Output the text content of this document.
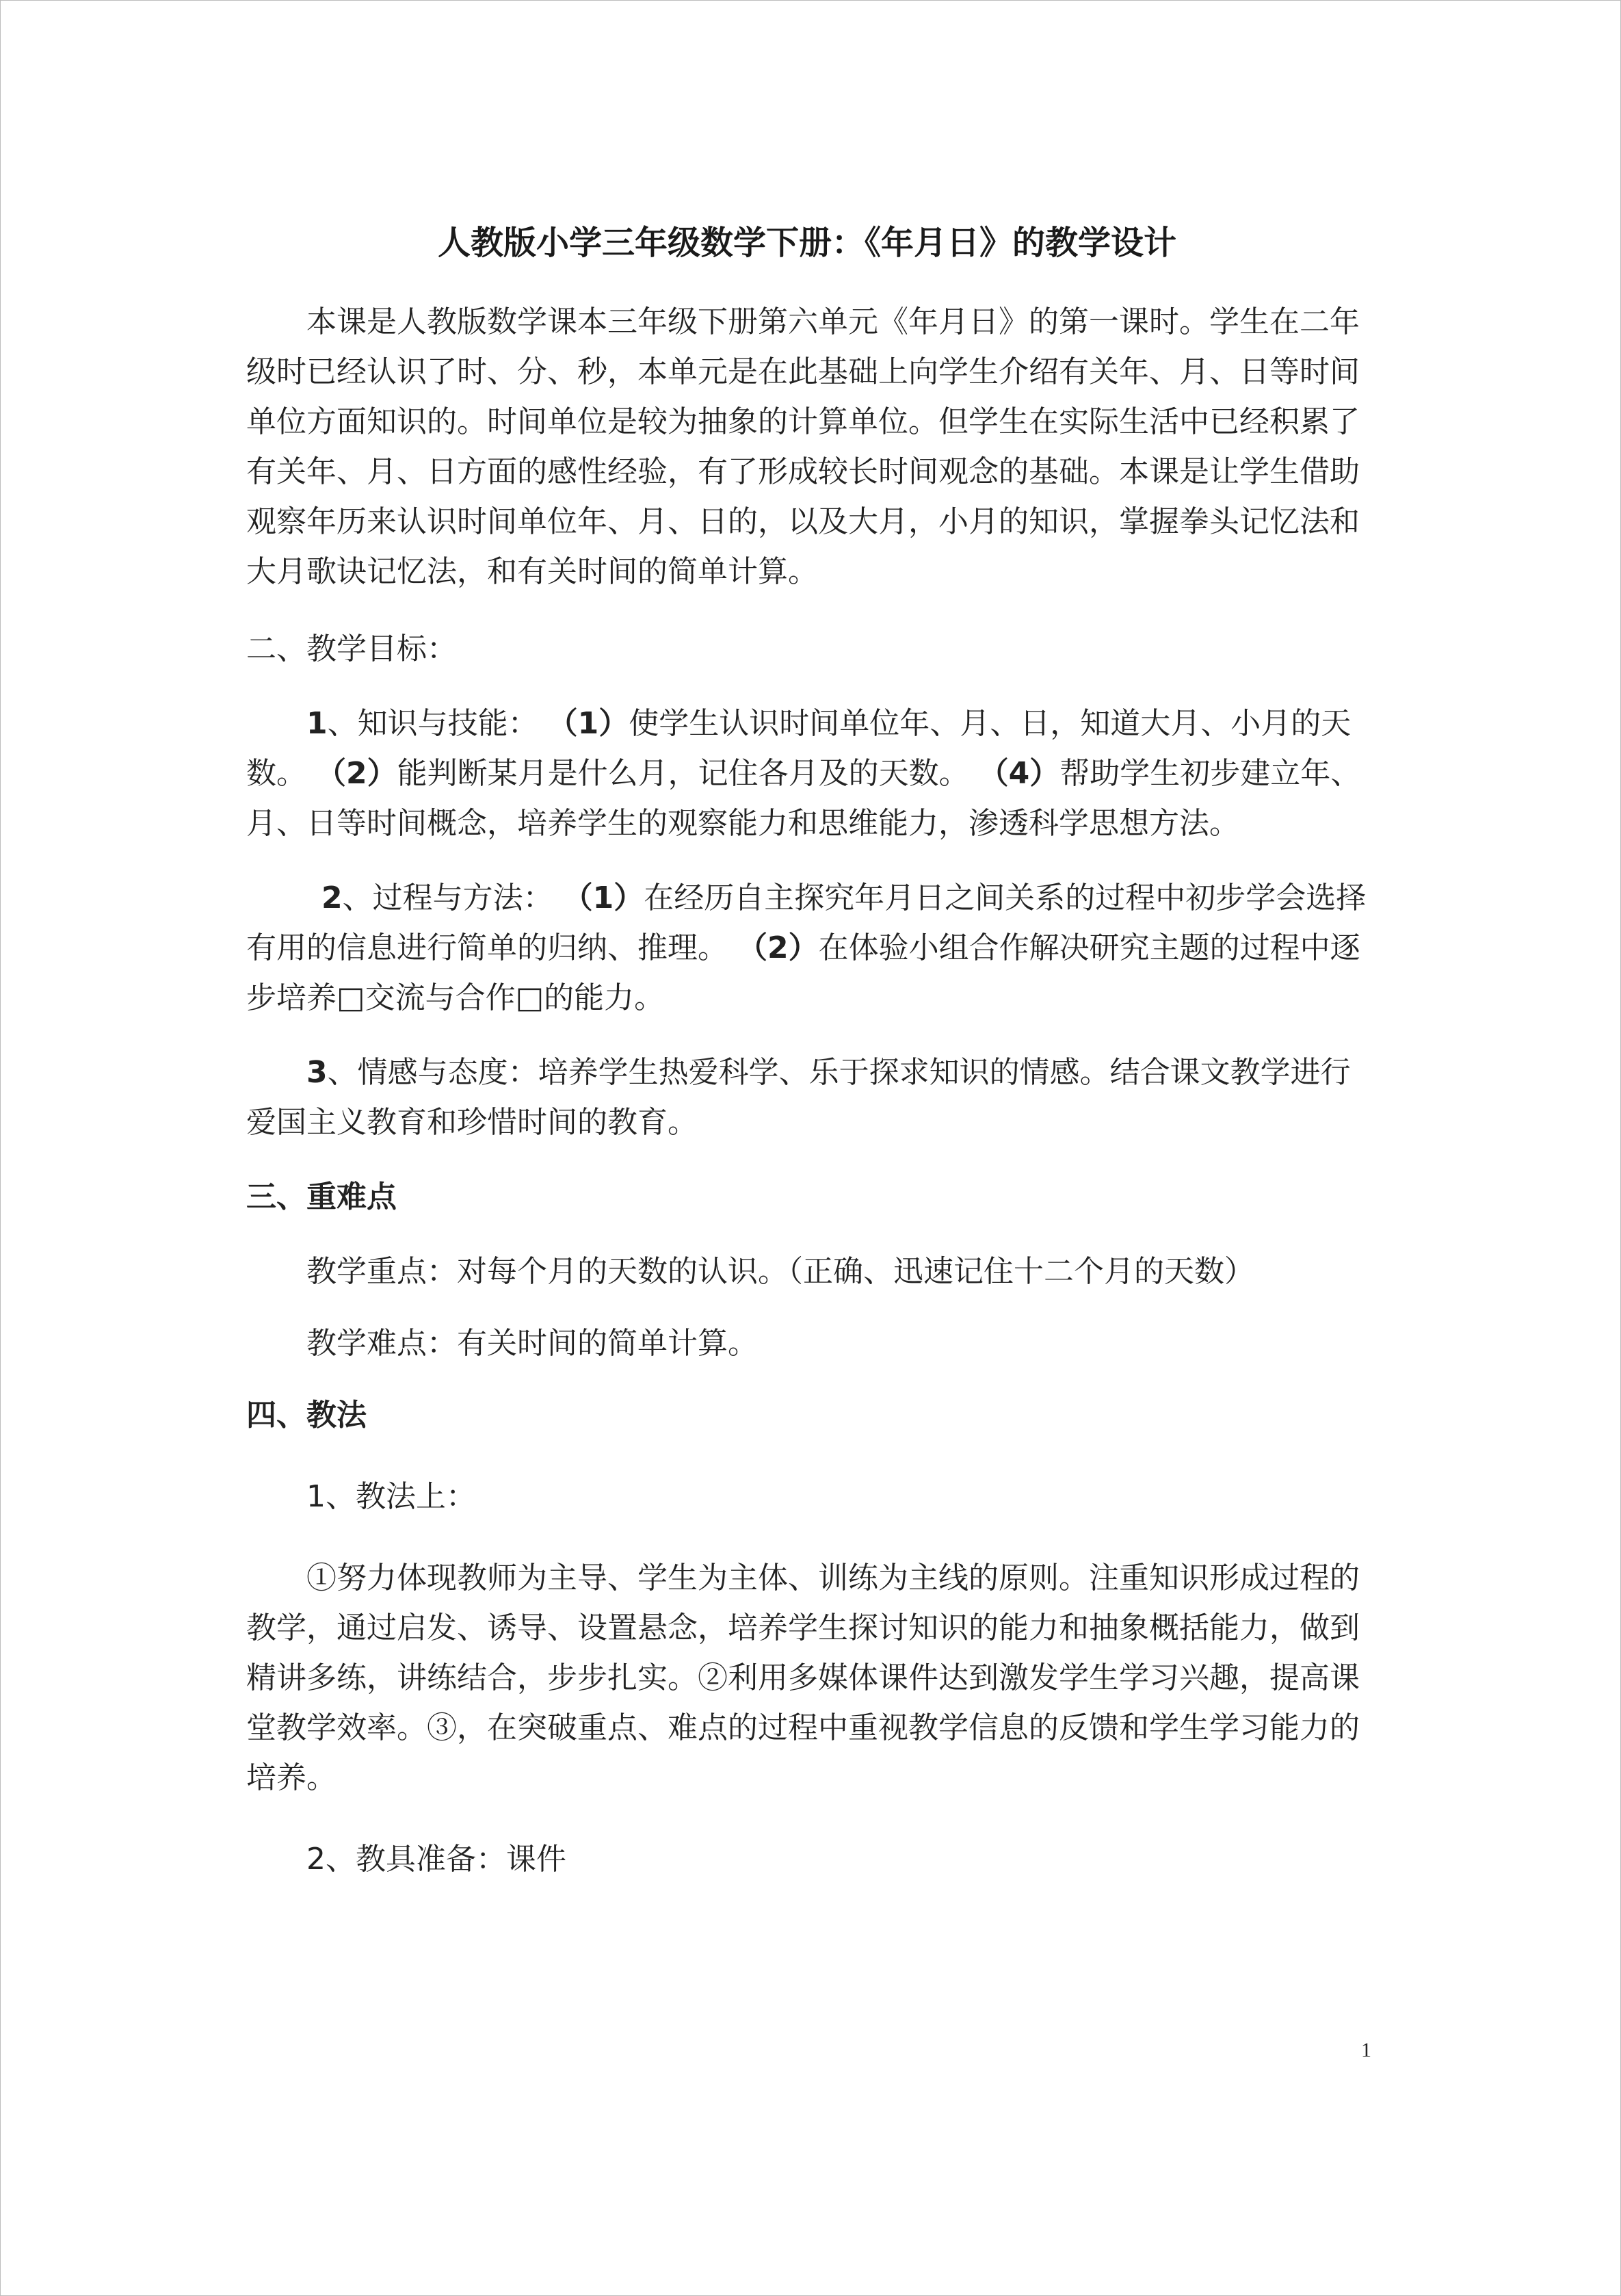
人教版小学三年级数学下册：《年月日》的教学设计

本课是人教版数学课本三年级下册第六单元《年月日》的第一课时。学生在二年级时已经认识了时、分、秒，本单元是在此基础上向学生介绍有关年、月、日等时间单位方面知识的。时间单位是较为抽象的计算单位。但学生在实际生活中已经积累了有关年、月、日方面的感性经验，有了形成较长时间观念的基础。本课是让学生借助观察年历来认识时间单位年、月、日的，以及大月，小月的知识，掌握拳头记忆法和大月歌诀记忆法，和有关时间的简单计算。

二、教学目标：

1、知识与技能： （1）使学生认识时间单位年、月、日，知道大月、小月的天数。 （2）能判断某月是什么月，记住各月及的天数。 （4）帮助学生初步建立年、月、日等时间概念，培养学生的观察能力和思维能力，渗透科学思想方法。

2、过程与方法： （1）在经历自主探究年月日之间关系的过程中初步学会选择有用的信息进行简单的归纳、推理。 （2）在体验小组合作解决研究主题的过程中逐步培养□交流与合作□的能力。

3、情感与态度：培养学生热爱科学、乐于探求知识的情感。结合课文教学进行爱国主义教育和珍惜时间的教育。

三、重难点

教学重点：对每个月的天数的认识。（正确、迅速记住十二个月的天数）

教学难点：有关时间的简单计算。

四、教法

1、教法上：

①努力体现教师为主导、学生为主体、训练为主线的原则。注重知识形成过程的教学，通过启发、诱导、设置悬念，培养学生探讨知识的能力和抽象概括能力，做到精讲多练，讲练结合，步步扎实。②利用多媒体课件达到激发学生学习兴趣，提高课堂教学效率。③，在突破重点、难点的过程中重视教学信息的反馈和学生学习能力的培养。

2、教具准备：课件

1
